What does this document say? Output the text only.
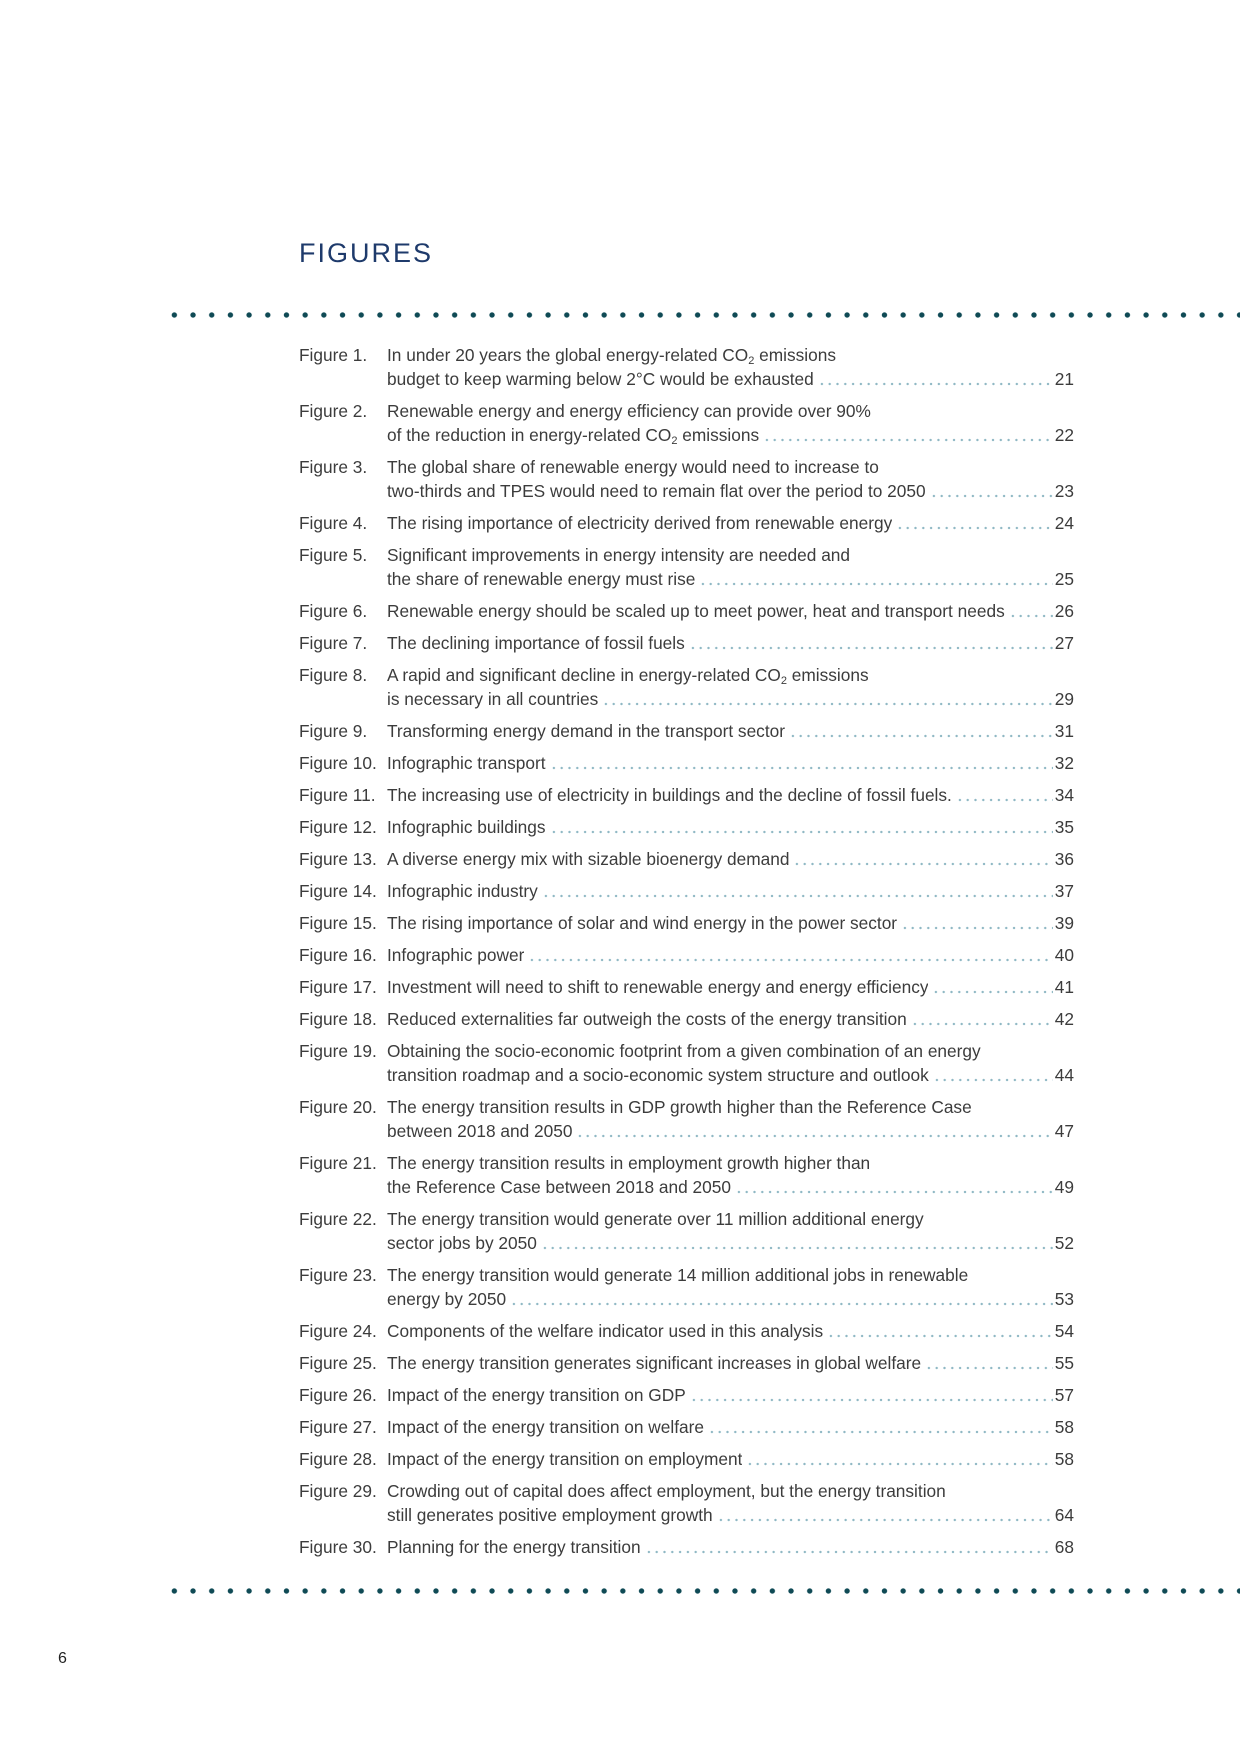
FIGURES
Figure 1.	In under 20 years the global energy-related $CO_2$ emissions
budget to keep warming below 2°C would be exhausted	21
Figure 2.	Renewable energy and energy efficiency can provide over 90%
of the reduction in energy-related $CO_2$ emissions	22
Figure 3.	The global share of renewable energy would need to increase to
two-thirds and TPES would need to remain flat over the period to 2050	23
Figure 4.	The rising importance of electricity derived from renewable energy	24
Figure 5.	Significant improvements in energy intensity are needed and
the share of renewable energy must rise	25
Figure 6.	Renewable energy should be scaled up to meet power, heat and transport needs	26
Figure 7.	The declining importance of fossil fuels	27
Figure 8.	A rapid and significant decline in energy-related $CO_2$ emissions
is necessary in all countries	29
Figure 9.	Transforming energy demand in the transport sector	31
Figure 10. Infographic transport	32
Figure 11. The increasing use of electricity in buildings and the decline of fossil fuels.	34
Figure 12. Infographic buildings	35
Figure 13. A diverse energy mix with sizable bioenergy demand	36
Figure 14. Infographic industry	37
Figure 15. The rising importance of solar and wind energy in the power sector	39
Figure 16. Infographic power	40
Figure 17. Investment will need to shift to renewable energy and energy efficiency	41
Figure 18. Reduced externalities far outweigh the costs of the energy transition	42
Figure 19. Obtaining the socio-economic footprint from a given combination of an energy
transition roadmap and a socio-economic system structure and outlook	44
Figure 20. The energy transition results in GDP growth higher than the Reference Case
between 2018 and 2050	47
Figure 21. The energy transition results in employment growth higher than
the Reference Case between 2018 and 2050	49
Figure 22. The energy transition would generate over 11 million additional energy
sector jobs by 2050	52
Figure 23. The energy transition would generate 14 million additional jobs in renewable
energy by 2050	53
Figure 24. Components of the welfare indicator used in this analysis	54
Figure 25. The energy transition generates significant increases in global welfare	55
Figure 26. Impact of the energy transition on GDP	57
Figure 27. Impact of the energy transition on welfare	58
Figure 28. Impact of the energy transition on employment	58
Figure 29. Crowding out of capital does affect employment, but the energy transition
still generates positive employment growth	64
Figure 30. Planning for the energy transition	68
6
